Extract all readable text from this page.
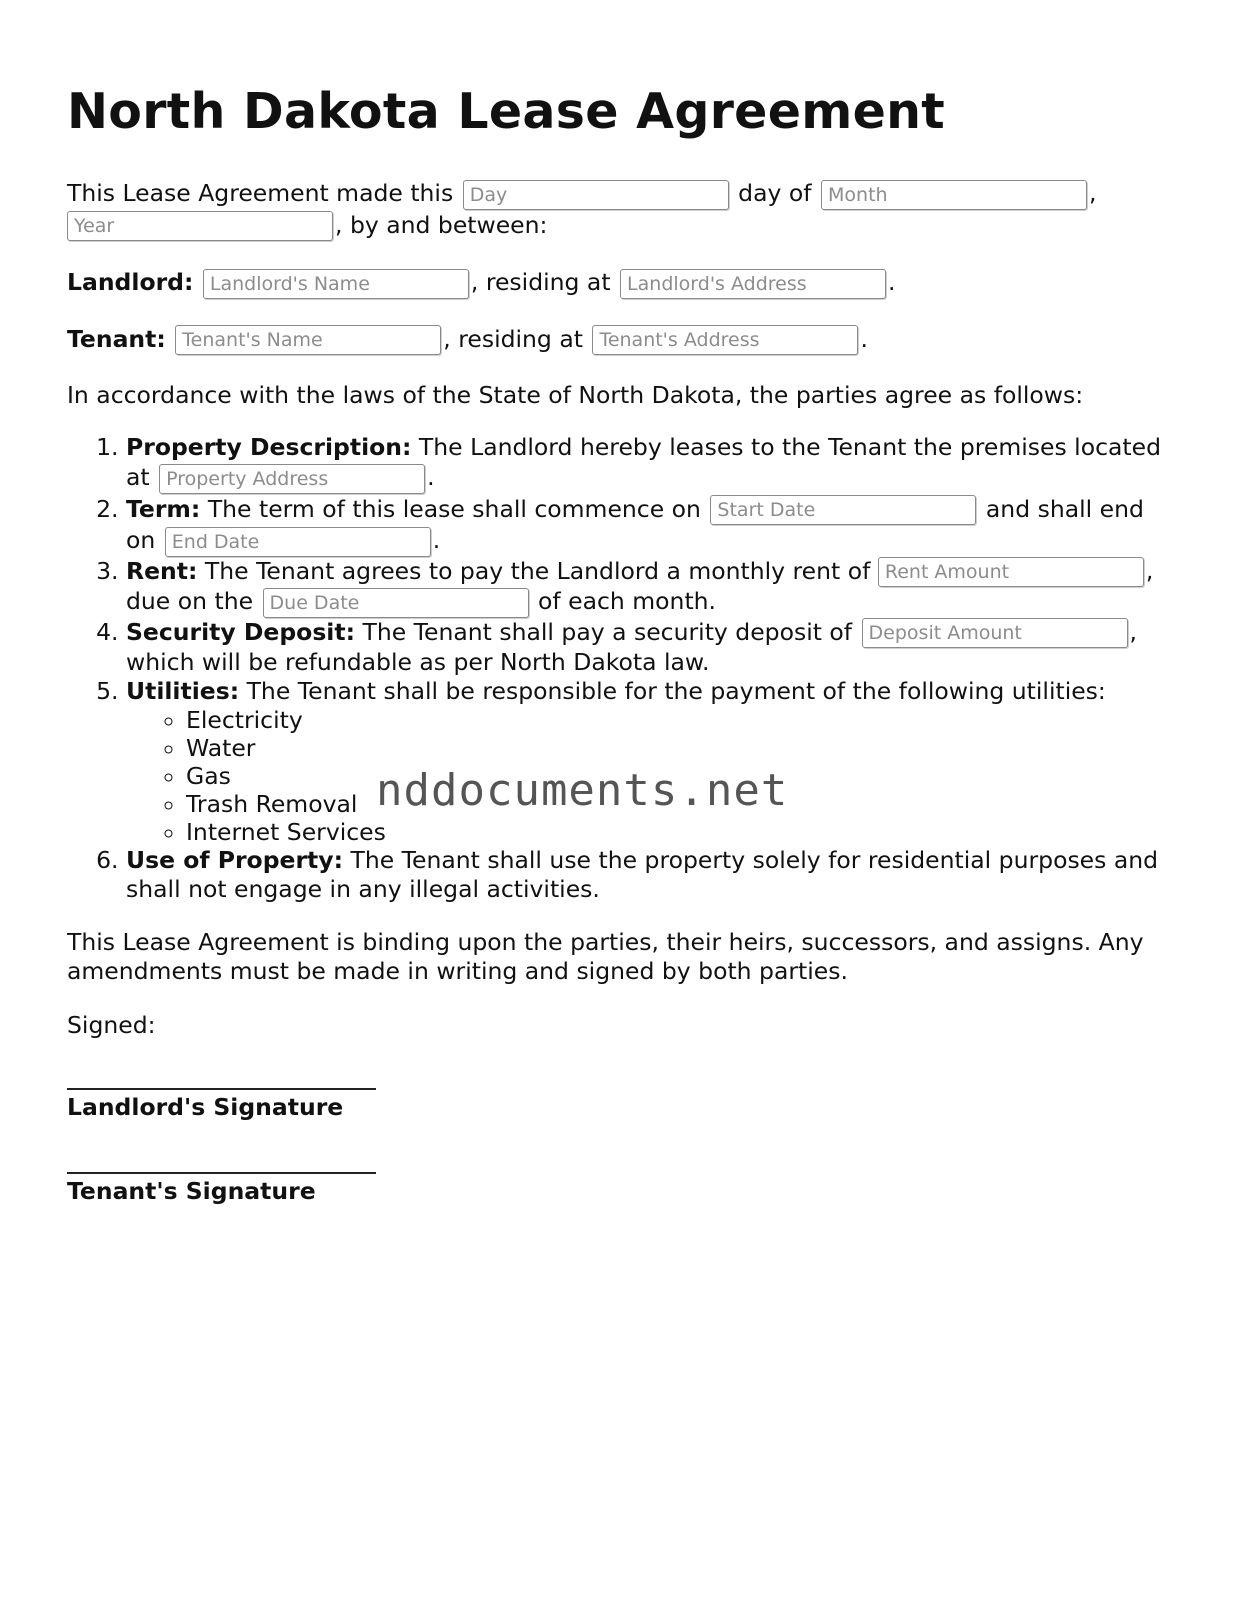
North Dakota Lease Agreement

This Lease Agreement made this Day	day of Month	, Year, by and between:

Landlord: Landlord's Name	, residing at Landlord's Address	.

Tenant: Tenant's Name	, residing at Tenant's Address	.

In accordance with the laws of the State of North Dakota, the parties agree as follows:

1. Property Description: The Landlord hereby leases to the Tenant the premises located at Property Address	.
2. Term: The term of this lease shall commence on Start Date	and shall end on End Date	.
3. Rent: The Tenant agrees to pay the Landlord a monthly rent of Rent Amount	, due on the Due Date	of each month.
4. Security Deposit: The Tenant shall pay a security deposit of Deposit Amount	, which will be refundable as per North Dakota law.
5. Utilities: The Tenant shall be responsible for the payment of the following utilities:
◦ Electricity
◦ Water
◦ Gas
◦ Trash Removal
◦ Internet Services
6. Use of Property: The Tenant shall use the property solely for residential purposes and shall not engage in any illegal activities.

This Lease Agreement is binding upon the parties, their heirs, successors, and assigns. Any amendments must be made in writing and signed by both parties.

Signed:

Landlord's Signature
Tenant's Signature
nddocuments.net
